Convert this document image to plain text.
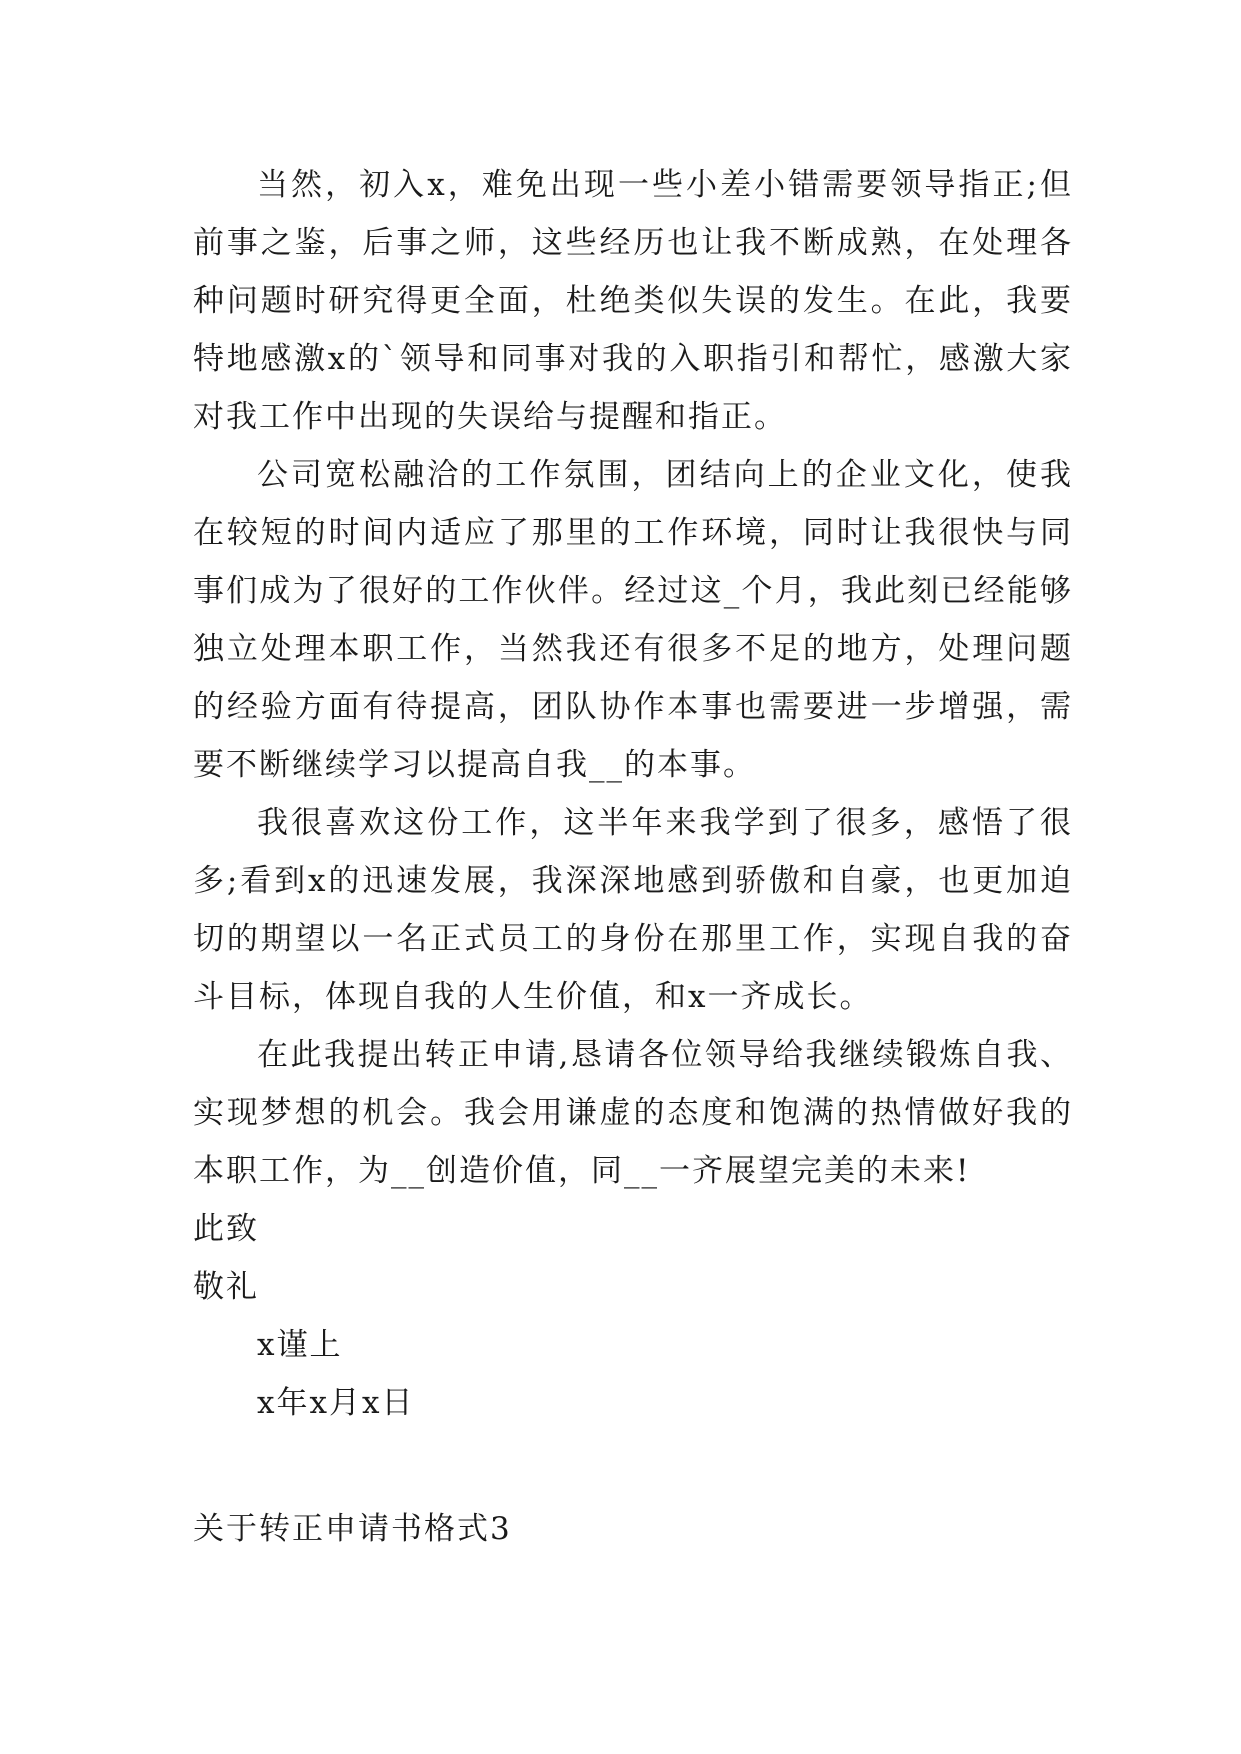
当然，初入x，难免出现一些小差小错需要领导指正;但前事之鉴，后事之师，这些经历也让我不断成熟，在处理各种问题时研究得更全面，杜绝类似失误的发生。在此，我要特地感激x的`领导和同事对我的入职指引和帮忙，感激大家对我工作中出现的失误给与提醒和指正。

公司宽松融洽的工作氛围，团结向上的企业文化，使我在较短的时间内适应了那里的工作环境，同时让我很快与同事们成为了很好的工作伙伴。经过这_个月，我此刻已经能够独立处理本职工作，当然我还有很多不足的地方，处理问题的经验方面有待提高，团队协作本事也需要进一步增强，需要不断继续学习以提高自我__的本事。

我很喜欢这份工作，这半年来我学到了很多，感悟了很多;看到x的迅速发展，我深深地感到骄傲和自豪，也更加迫切的期望以一名正式员工的身份在那里工作，实现自我的奋斗目标，体现自我的人生价值，和x一齐成长。

在此我提出转正申请,恳请各位领导给我继续锻炼自我、实现梦想的机会。我会用谦虚的态度和饱满的热情做好我的本职工作，为__创造价值，同__一齐展望完美的未来!

此致

敬礼

x谨上

x年x月x日

关于转正申请书格式3
